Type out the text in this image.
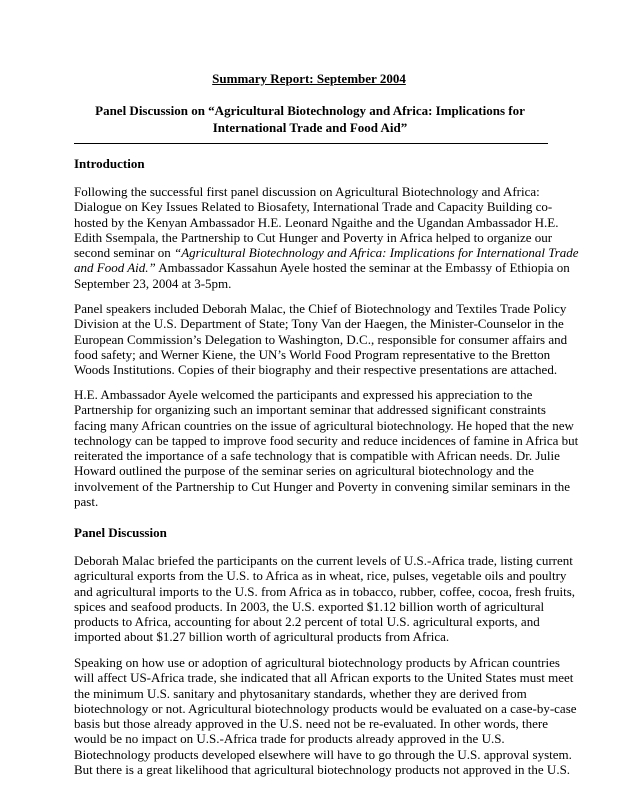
Summary Report: September 2004
Panel Discussion on “Agricultural Biotechnology and Africa: Implications for
International Trade and Food Aid”
Introduction
Following the successful first panel discussion on Agricultural Biotechnology and Africa:
Dialogue on Key Issues Related to Biosafety, International Trade and Capacity Building co-
hosted by the Kenyan Ambassador H.E. Leonard Ngaithe and the Ugandan Ambassador H.E.
Edith Ssempala, the Partnership to Cut Hunger and Poverty in Africa helped to organize our
second seminar on “Agricultural Biotechnology and Africa: Implications for International Trade
and Food Aid.” Ambassador Kassahun Ayele hosted the seminar at the Embassy of Ethiopia on
September 23, 2004 at 3-5pm.
Panel speakers included Deborah Malac, the Chief of Biotechnology and Textiles Trade Policy
Division at the U.S. Department of State; Tony Van der Haegen, the Minister-Counselor in the
European Commission’s Delegation to Washington, D.C., responsible for consumer affairs and
food safety; and Werner Kiene, the UN’s World Food Program representative to the Bretton
Woods Institutions. Copies of their biography and their respective presentations are attached.
H.E. Ambassador Ayele welcomed the participants and expressed his appreciation to the
Partnership for organizing such an important seminar that addressed significant constraints
facing many African countries on the issue of agricultural biotechnology. He hoped that the new
technology can be tapped to improve food security and reduce incidences of famine in Africa but
reiterated the importance of a safe technology that is compatible with African needs. Dr. Julie
Howard outlined the purpose of the seminar series on agricultural biotechnology and the
involvement of the Partnership to Cut Hunger and Poverty in convening similar seminars in the
past.
Panel Discussion
Deborah Malac briefed the participants on the current levels of U.S.-Africa trade, listing current
agricultural exports from the U.S. to Africa as in wheat, rice, pulses, vegetable oils and poultry
and agricultural imports to the U.S. from Africa as in tobacco, rubber, coffee, cocoa, fresh fruits,
spices and seafood products. In 2003, the U.S. exported $1.12 billion worth of agricultural
products to Africa, accounting for about 2.2 percent of total U.S. agricultural exports, and
imported about $1.27 billion worth of agricultural products from Africa.
Speaking on how use or adoption of agricultural biotechnology products by African countries
will affect US-Africa trade, she indicated that all African exports to the United States must meet
the minimum U.S. sanitary and phytosanitary standards, whether they are derived from
biotechnology or not. Agricultural biotechnology products would be evaluated on a case-by-case
basis but those already approved in the U.S. need not be re-evaluated. In other words, there
would be no impact on U.S.-Africa trade for products already approved in the U.S.
Biotechnology products developed elsewhere will have to go through the U.S. approval system.
But there is a great likelihood that agricultural biotechnology products not approved in the U.S.
